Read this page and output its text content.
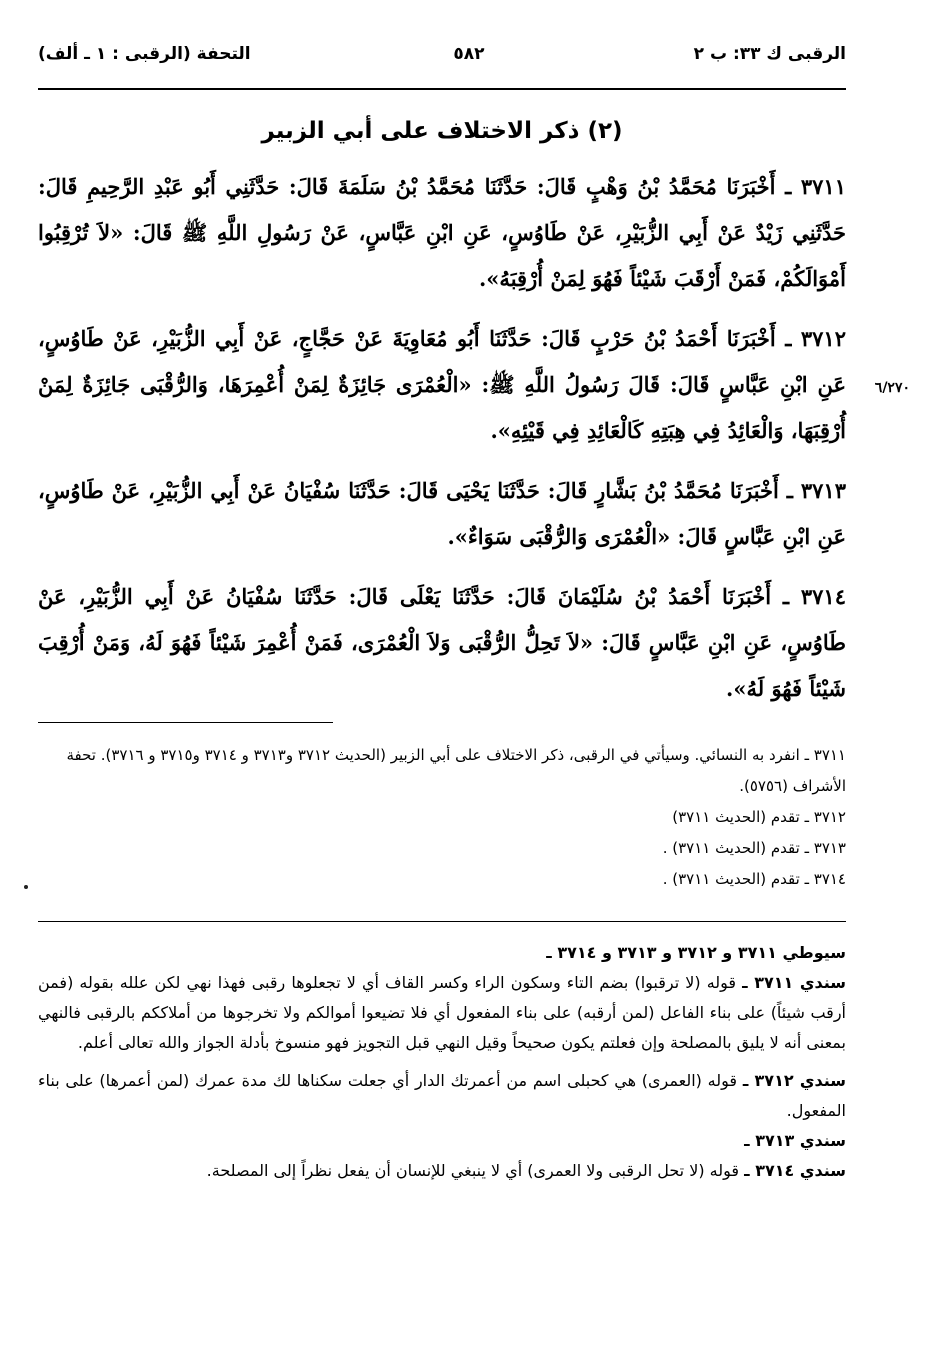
الرقبى ك ٣٣: ب ٢
٥٨٢
التحفة (الرقبى : ١ ـ ألف)
(٢) ذكر الاختلاف على أبي الزبير
٦/٢٧٠
٣٧١١ ـ أَخْبَرَنَا مُحَمَّدُ بْنُ وَهْبٍ قَالَ: حَدَّثَنَا مُحَمَّدُ بْنُ سَلَمَةَ قَالَ: حَدَّثَنِي أَبُو عَبْدِ الرَّحِيمِ قَالَ: حَدَّثَنِي زَيْدٌ عَنْ أَبِي الزُّبَيْرِ، عَنْ طَاوُسٍ، عَنِ ابْنِ عَبَّاسٍ، عَنْ رَسُولِ اللَّهِ ﷺ قَالَ: «لاَ تُرْقِبُوا أَمْوَالَكُمْ، فَمَنْ أَرْقَبَ شَيْئاً فَهُوَ لِمَنْ أُرْقِبَهُ».
٣٧١٢ ـ أَخْبَرَنَا أَحْمَدُ بْنُ حَرْبٍ قَالَ: حَدَّثَنَا أَبُو مُعَاوِيَةَ عَنْ حَجَّاجٍ، عَنْ أَبِي الزُّبَيْرِ، عَنْ طَاوُسٍ، عَنِ ابْنِ عَبَّاسٍ قَالَ: قَالَ رَسُولُ اللَّهِ ﷺ: «الْعُمْرَى جَائِزَةٌ لِمَنْ أُعْمِرَهَا، وَالرُّقْبَى جَائِزَةٌ لِمَنْ أُرْقِبَهَا، وَالْعَائِدُ فِي هِبَتِهِ كَالْعَائِدِ فِي قَيْئِهِ».
٣٧١٣ ـ أَخْبَرَنَا مُحَمَّدُ بْنُ بَشَّارٍ قَالَ: حَدَّثَنَا يَحْيَى قَالَ: حَدَّثَنَا سُفْيَانُ عَنْ أَبِي الزُّبَيْرِ، عَنْ طَاوُسٍ، عَنِ ابْنِ عَبَّاسٍ قَالَ: «الْعُمْرَى وَالرُّقْبَى سَوَاءٌ».
٣٧١٤ ـ أَخْبَرَنَا أَحْمَدُ بْنُ سُلَيْمَانَ قَالَ: حَدَّثَنَا يَعْلَى قَالَ: حَدَّثَنَا سُفْيَانُ عَنْ أَبِي الزُّبَيْرِ، عَنْ طَاوُسٍ، عَنِ ابْنِ عَبَّاسٍ قَالَ: «لاَ تَحِلُّ الرُّقْبَى وَلاَ الْعُمْرَى، فَمَنْ أُعْمِرَ شَيْئاً فَهُوَ لَهُ، وَمَنْ أُرْقِبَ شَيْئاً فَهُوَ لَهُ».

٣٧١١ ـ انفرد به النسائي. وسيأتي في الرقبى، ذكر الاختلاف على أبي الزبير (الحديث ٣٧١٢ و٣٧١٣ و ٣٧١٤ و٣٧١٥ و ٣٧١٦). تحفة الأشراف (٥٧٥٦).

٣٧١٢ ـ تقدم (الحديث ٣٧١١)

٣٧١٣ ـ تقدم (الحديث ٣٧١١) .

٣٧١٤ ـ تقدم (الحديث ٣٧١١) .

سيوطي ٣٧١١ و ٣٧١٢ و ٣٧١٣ و ٣٧١٤ ـ

سندي ٣٧١١ ـ قوله (لا ترقبوا) بضم التاء وسكون الراء وكسر القاف أي لا تجعلوها رقبى فهذا نهي لكن علله بقوله (فمن أرقب شيئاً) على بناء الفاعل (لمن أرقبه) على بناء المفعول أي فلا تضيعوا أموالكم ولا تخرجوها من أملاككم بالرقبى فالنهي بمعنى أنه لا يليق بالمصلحة وإن فعلتم يكون صحيحاً وقيل النهي قبل التجويز فهو منسوخ بأدلة الجواز والله تعالى أعلم.

سندي ٣٧١٢ ـ قوله (العمرى) هي كحبلى اسم من أعمرتك الدار أي جعلت سكناها لك مدة عمرك (لمن أعمرها) على بناء المفعول.

سندي ٣٧١٣ ـ

سندي ٣٧١٤ ـ قوله (لا تحل الرقبى ولا العمرى) أي لا ينبغي للإنسان أن يفعل نظراً إلى المصلحة.
